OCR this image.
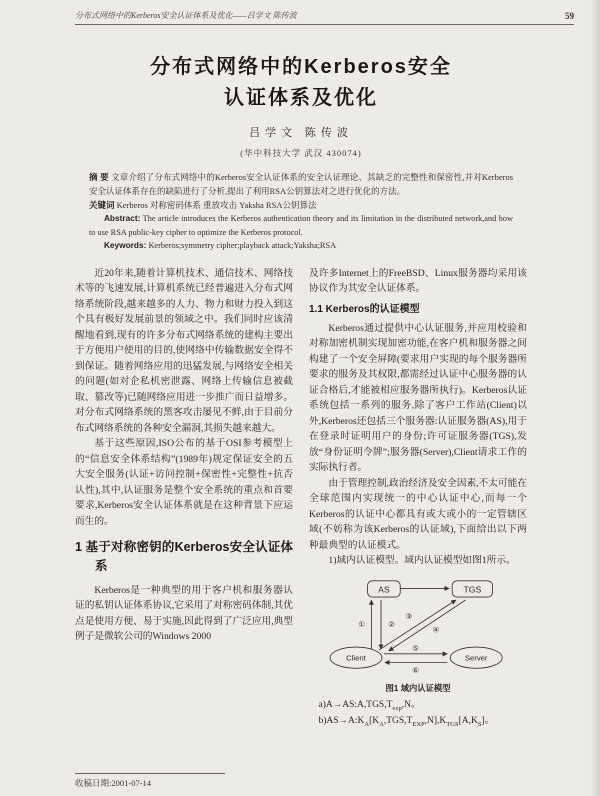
分布式网络中的Kerberos安全认证体系及优化——吕学文 陈传波	59
分布式网络中的Kerberos安全
认证体系及优化
吕学文 陈传波
(华中科技大学 武汉 430074)

摘 要 文章介绍了分布式网络中的Kerberos安全认证体系的安全认证理论、其缺乏的完整性和保密性,并对Kerberos安全认证体系存在的缺陷进行了分析,提出了利用RSA公钥算法对之进行优化的方法。

关键词 Kerberos 对称密码体系 重放攻击 Yaksha RSA公钥算法

Abstract: The article introduces the Kerberos authentication theory and its limitation in the distributed network,and how to use RSA public-key cipher to optimize the Kerberos protocol.

Keywords: Kerberos;symmetry cipher;playback attack;Yaksha;RSA

近20年来,随着计算机技术、通信技术、网络技术等的飞速发展,计算机系统已经普遍进入分布式网络系统阶段,越来越多的人力、物力和财力投入到这个具有极好发展前景的领域之中。我们同时应该清醒地看到,现有的许多分布式网络系统的建构主要出于方便用户使用的目的,使网络中传输数据安全得不到保证。随着网络应用的迅猛发展,与网络安全相关的问题(如对企私机密泄露、网络上传输信息被截取、篡改等)已随网络应用进一步推广而日益增多。对分布式网络系统的黑客攻击屡见不鲜,由于目前分布式网络系统的各种安全漏洞,其损失越来越大。

基于这些原因,ISO公布的基于OSI参考模型上的“信息安全体系结构”(1989年)规定保证安全的五大安全服务(认证+访问控制+保密性+完整性+抗否认性),其中,认证服务是整个安全系统的重点和首要要求,Kerberos安全认证体系就是在这种背景下应运而生的。

1 基于对称密钥的Kerberos安全认证体系

Kerberos是一种典型的用于客户机和服务器认证的私钥认证体系协议,它采用了对称密码体制,其优点是使用方便、易于实施,因此得到了广泛应用,典型例子是微软公司的Windows 2000

及许多Internet上的FreeBSD、Linux服务器均采用该协议作为其安全认证体系。

1.1 Kerberos的认证模型

Kerberos通过提供中心认证服务,并应用校验和对称加密机制实现加密功能,在客户机和服务器之间构建了一个安全屏障(要求用户实现的每个服务器所要求的服务及其权限,都需经过认证中心服务器的认证合格后,才能被相应服务器所执行)。Kerberos认证系统包括一系列的服务,除了客户工作站(Client)以外,Kerberos还包括三个服务器:认证服务器(AS),用于在登录时证明用户的身份;许可证服务器(TGS),发放“身份证明令牌”;服务器(Server),Client请求工作的实际执行者。

由于管理控制,政治经济及安全因素,不太可能在全球范围内实现统一的中心认证中心,而每一个Kerberos的认证中心都具有或大或小的一定管辖区域(不妨称为该Kerberos的认证域),下面给出以下两种最典型的认证模式。

1)域内认证模型。域内认证模型如图1所示。

AS	TGS
Client	Server
①	②
③
④
⑤
⑥
图1 域内认证模型

$a)A\to AS:A,TGS,T_{exp},N$。

$b)AS\to A:K_A[K_A,TGS,T_{EXP},N],K_{TGS}[A,K_S]$。

收稿日期:2001-07-14
